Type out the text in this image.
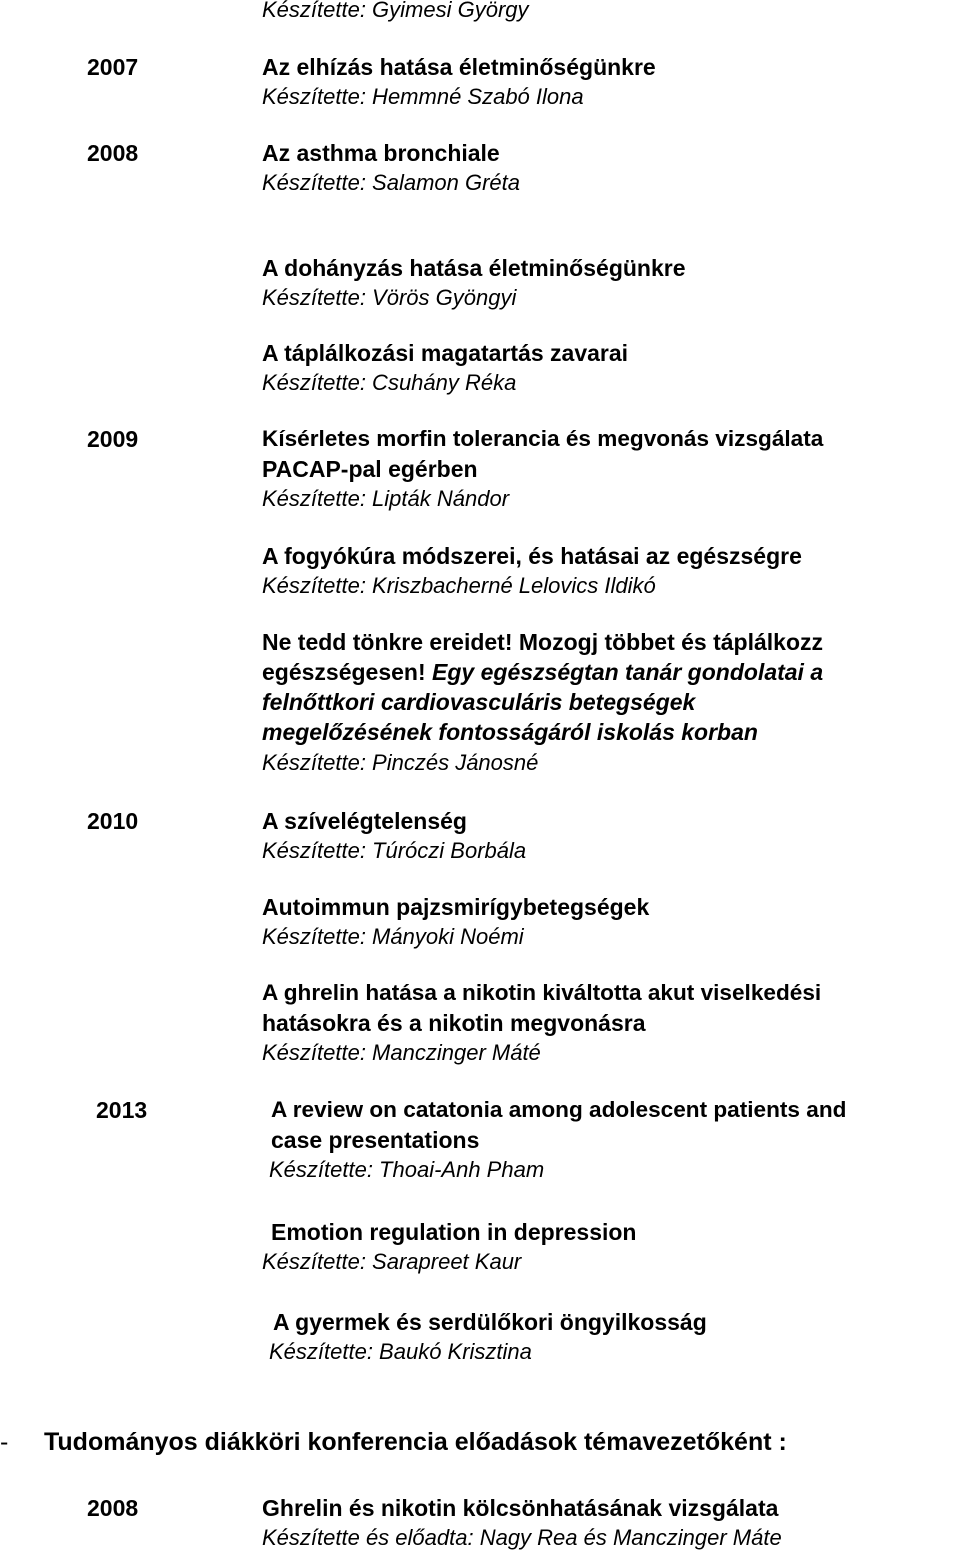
Készítette: Gyimesi György
2007	Az elhízás hatása életminőségünkre
Készítette: Hemmné Szabó Ilona
2008	Az asthma bronchiale
Készítette: Salamon Gréta
A dohányzás hatása életminőségünkre
Készítette: Vörös Gyöngyi
A táplálkozási magatartás zavarai
Készítette: Csuhány Réka
2009	Kísérletes morfin tolerancia és megvonás vizsgálata
PACAP-pal egérben
Készítette: Lipták Nándor
A fogyókúra módszerei, és hatásai az egészségre
Készítette: Kriszbacherné Lelovics Ildikó
Ne tedd tönkre ereidet! Mozogj többet és táplálkozz
egészségesen! Egy egészségtan tanár gondolatai a
felnőttkori cardiovasculáris betegségek
megelőzésének fontosságáról iskolás korban
Készítette: Pinczés Jánosné
2010	A szívelégtelenség
Készítette: Túróczi Borbála
Autoimmun pajzsmirígybetegségek
Készítette: Mányoki Noémi
A ghrelin hatása a nikotin kiváltotta akut viselkedési
hatásokra és a nikotin megvonásra
Készítette: Manczinger Máté
2013	A review on catatonia among adolescent patients and
case presentations
Készítette: Thoai-Anh Pham
Emotion regulation in depression
Készítette: Sarapreet Kaur
A gyermek és serdülőkori öngyilkosság
Készítette: Baukó Krisztina
- Tudományos diákköri konferencia előadások témavezetőként :
2008	Ghrelin és nikotin kölcsönhatásának vizsgálata
Készítette és előadta: Nagy Rea és Manczinger Máte
